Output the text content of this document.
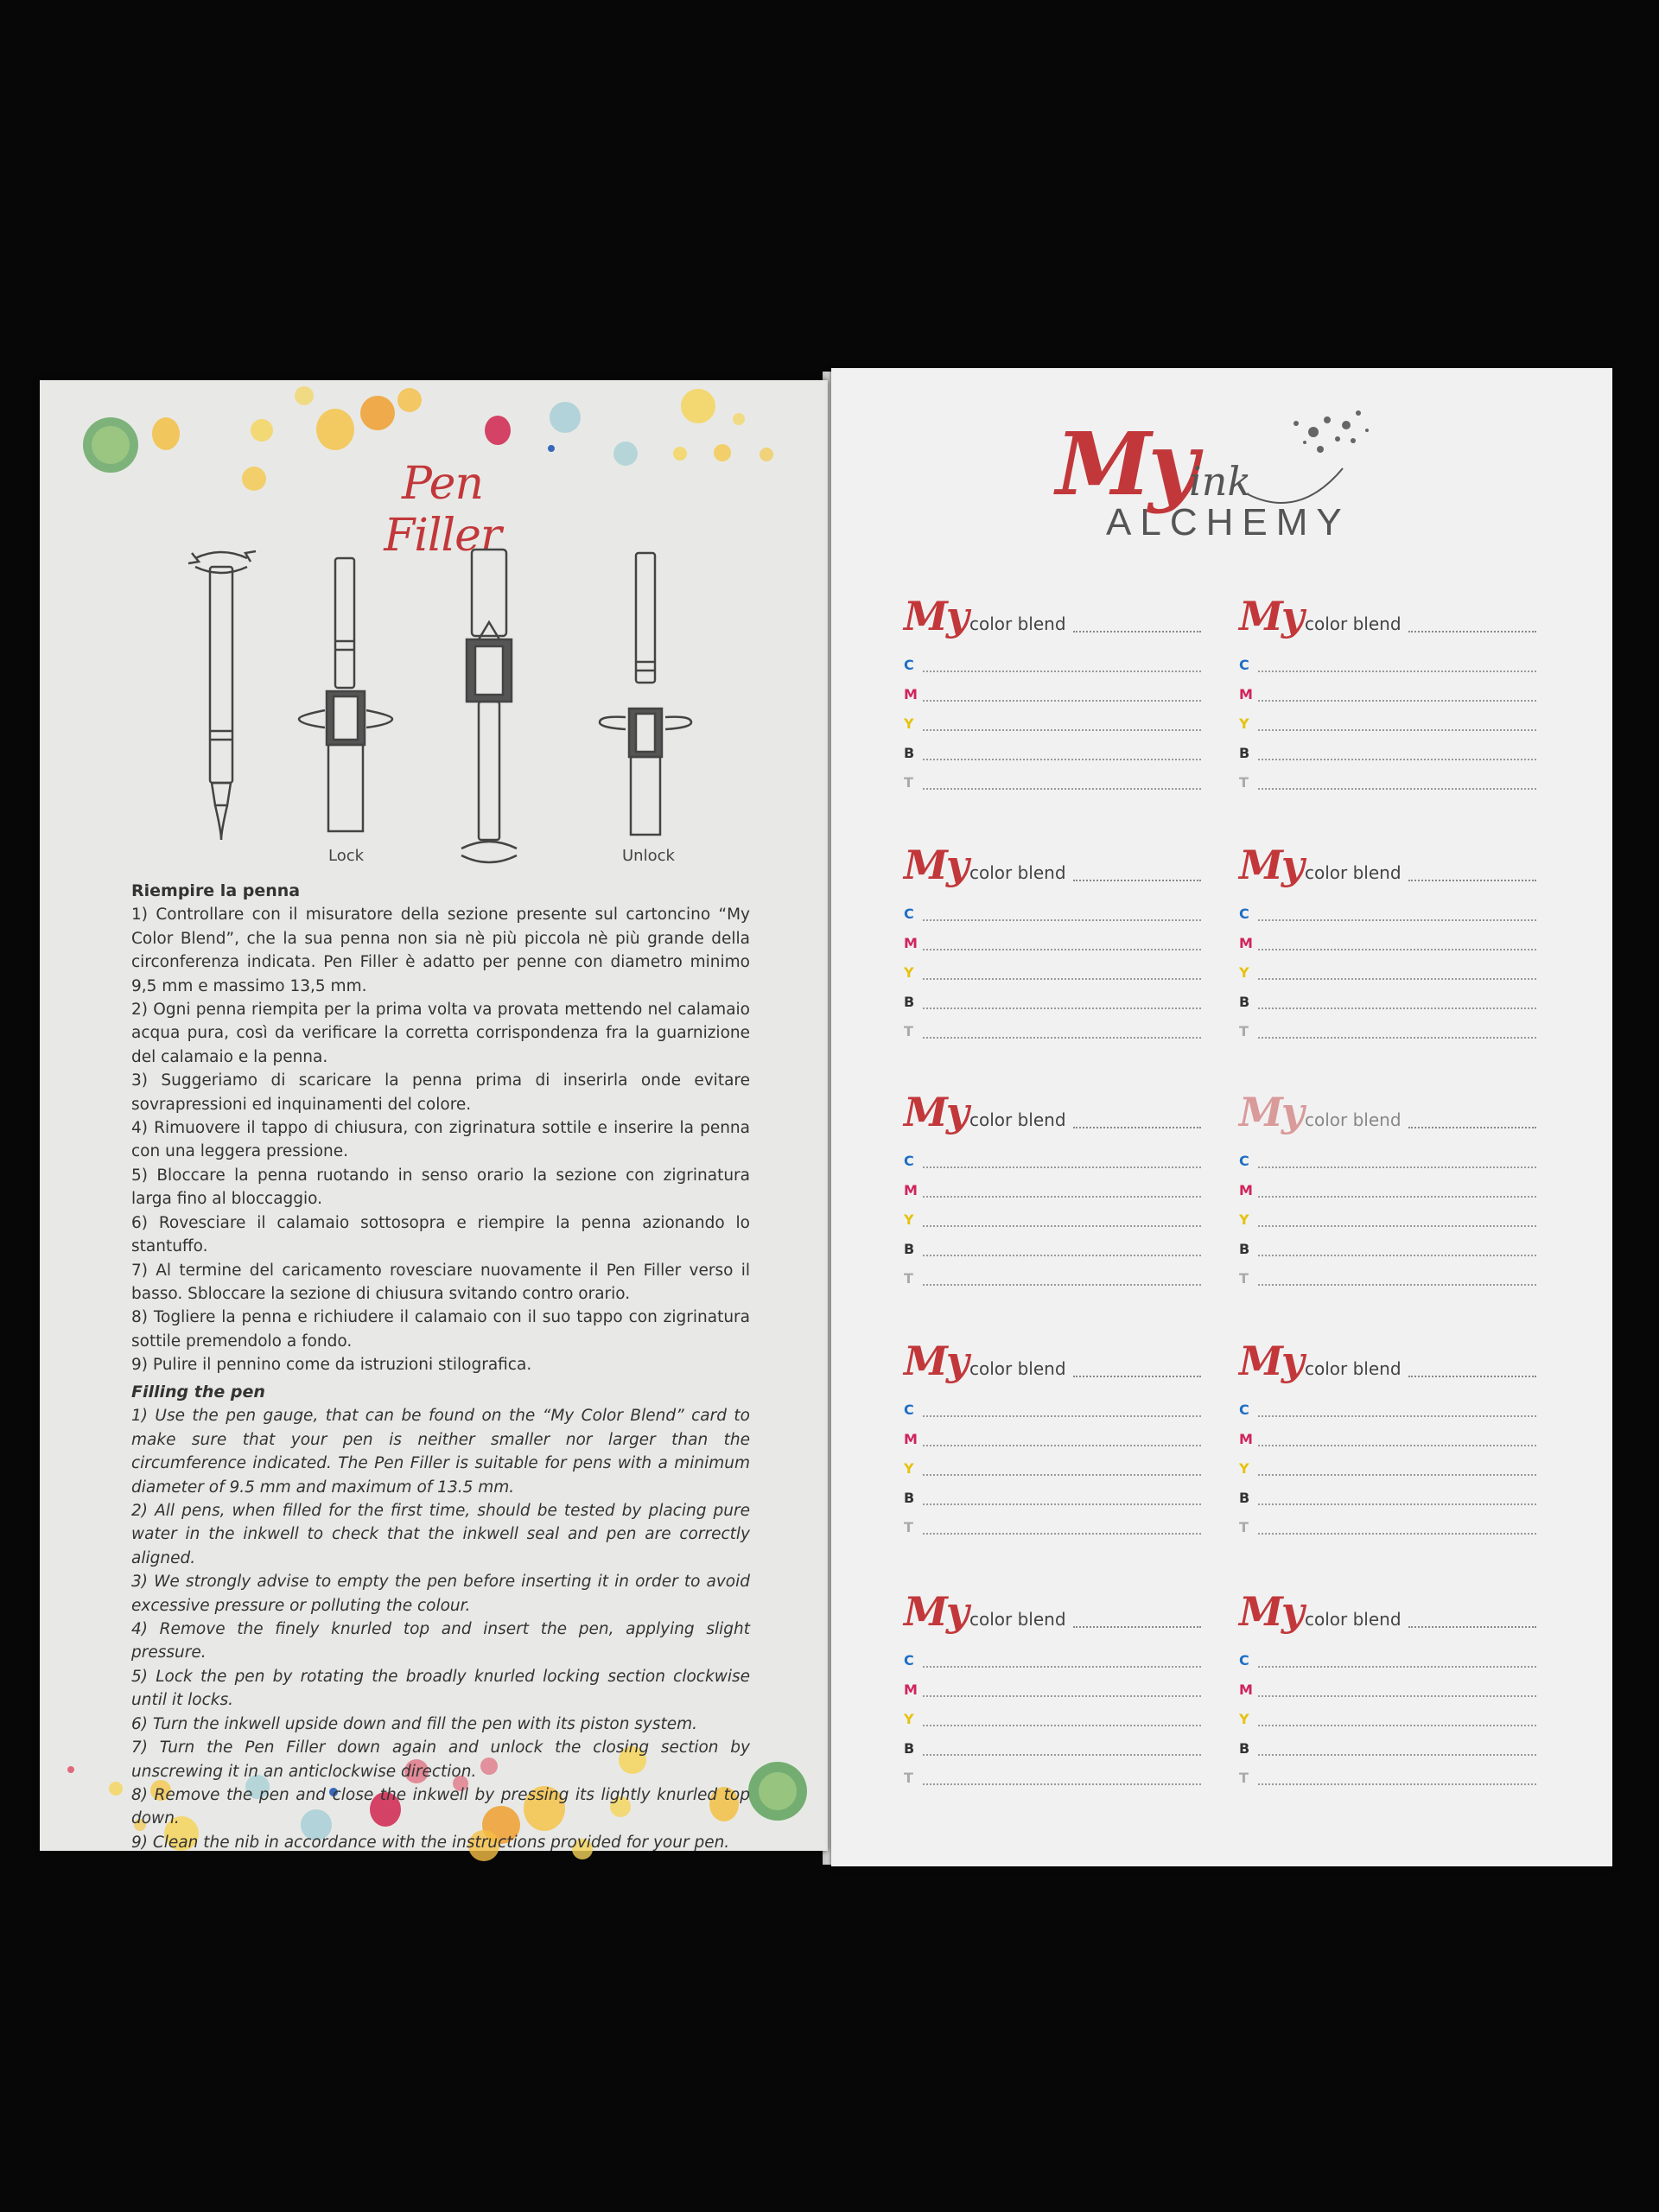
Pen Filler
Lock	Unlock
Riempire la penna

1) Controllare con il misuratore della sezione presente sul cartoncino “My Color Blend”, che la sua penna non sia nè più piccola nè più grande della circonferenza indicata. Pen Filler è adatto per penne con diametro minimo 9,5 mm e massimo 13,5 mm.

2) Ogni penna riempita per la prima volta va provata mettendo nel calamaio acqua pura, così da verificare la corretta corrispondenza fra la guarnizione del calamaio e la penna.

3) Suggeriamo di scaricare la penna prima di inserirla onde evitare sovrapressioni ed inquinamenti del colore.

4) Rimuovere il tappo di chiusura, con zigrinatura sottile e inserire la penna con una leggera pressione.

5) Bloccare la penna ruotando in senso orario la sezione con zigrinatura larga fino al bloccaggio.

6) Rovesciare il calamaio sottosopra e riempire la penna azionando lo stantuffo.

7) Al termine del caricamento rovesciare nuovamente il Pen Filler verso il basso. Sbloccare la sezione di chiusura svitando contro orario.

8) Togliere la penna e richiudere il calamaio con il suo tappo con zigrinatura sottile premendolo a fondo.

9) Pulire il pennino come da istruzioni stilografica.

Filling the pen

1) Use the pen gauge, that can be found on the “My Color Blend” card to make sure that your pen is neither smaller nor larger than the circumference indicated. The Pen Filler is suitable for pens with a minimum diameter of 9.5 mm and maximum of 13.5 mm.

2) All pens, when filled for the first time, should be tested by placing pure water in the inkwell to check that the inkwell seal and pen are correctly aligned.

3) We strongly advise to empty the pen before inserting it in order to avoid excessive pressure or polluting the colour.

4) Remove the finely knurled top and insert the pen, applying slight pressure.

5) Lock the pen by rotating the broadly knurled locking section clockwise until it locks.

6) Turn the inkwell upside down and fill the pen with its piston system.

7) Turn the Pen Filler down again and unlock the closing section by unscrewing it in an anticlockwise direction.

8) Remove the pen and close the inkwell by pressing its lightly knurled top down.

9) Clean the nib in accordance with the instructions provided for your pen.

My
ink
ALCHEMY
My color blend
C
M
Y
B
T
My color blend
C
M
Y
B
T
My color blend
C
M
Y
B
T
My color blend
C
M
Y
B
T
My color blend
C
M
Y
B
T
My color blend
C
M
Y
B
T
My color blend
C
M
Y
B
T
My color blend
C
M
Y
B
T
My color blend
C
M
Y
B
T
My color blend
C
M
Y
B
T
